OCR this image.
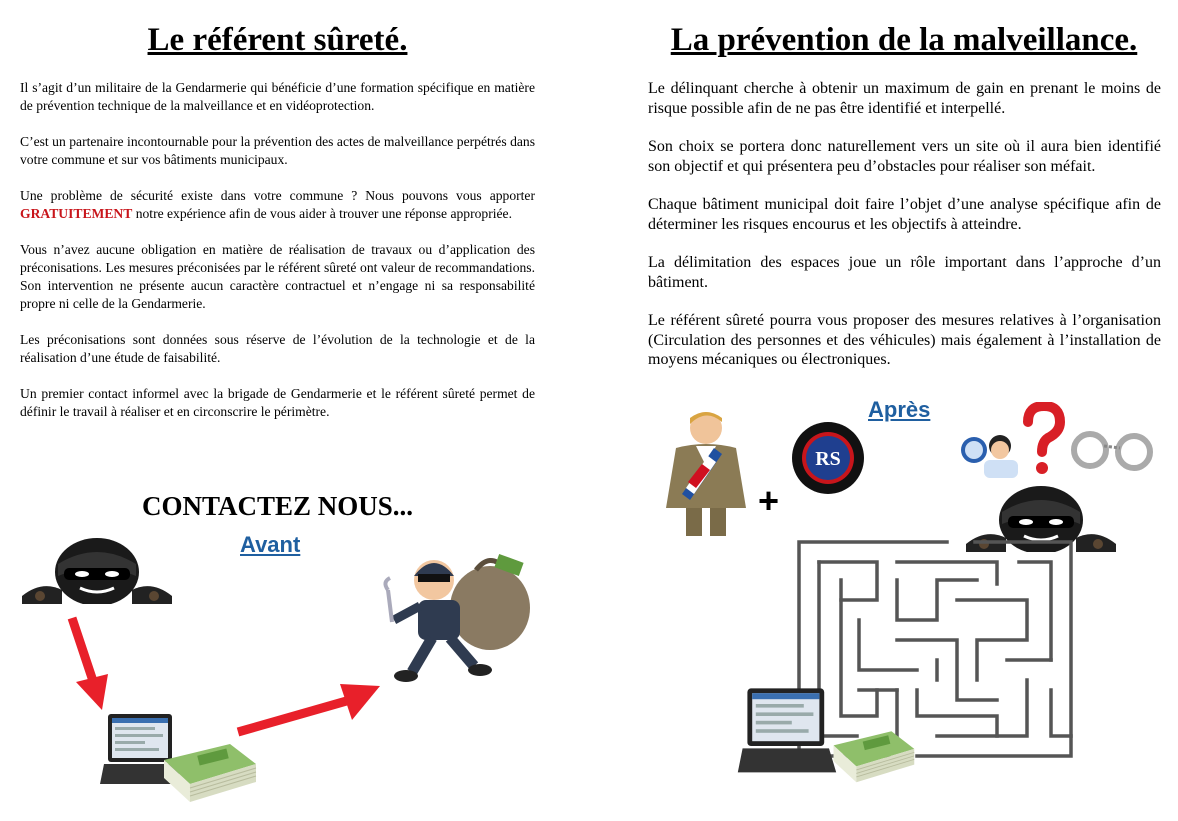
Le référent sûreté.

Il s’agit d’un militaire de la Gendarmerie qui bénéficie d’une formation spécifique en matière de prévention technique de la malveillance et en vidéoprotection.

C’est un partenaire incontournable pour la prévention des actes de malveillance perpétrés dans votre commune et sur vos bâtiments municipaux.

Une problème de sécurité existe dans votre commune ? Nous pouvons vous apporter GRATUITEMENT notre expérience afin de vous aider à trouver une réponse appropriée.

Vous n’avez aucune obligation en matière de réalisation de travaux ou d’application des préconisations. Les mesures préconisées par le référent sûreté ont valeur de recommandations. Son intervention ne présente aucun caractère contractuel et n’engage ni sa responsabilité propre ni celle de la Gendarmerie.

Les préconisations sont données sous réserve de l’évolution de la technologie et de la réalisation d’une étude de faisabilité.

Un premier contact informel avec la brigade de Gendarmerie et le référent sûreté permet de définir le travail à réaliser et en circonscrire le périmètre.

CONTACTEZ NOUS...
Avant
La prévention de la malveillance.

Le délinquant cherche à obtenir un maximum de gain en prenant le moins de risque possible afin de ne pas être identifié et interpellé.

Son choix se portera donc naturellement vers un site où il aura bien identifié son objectif et qui présentera peu d’obstacles pour réaliser son méfait.

Chaque bâtiment municipal doit faire l’objet d’une analyse spécifique afin de déterminer les risques encourus et les objectifs à atteindre.

La délimitation des espaces joue un rôle important dans l’approche d’un bâtiment.

Le référent sûreté pourra vous proposer des mesures relatives à l’organisation (Circulation des personnes et des véhicules) mais également à l’installation de moyens mécaniques ou électroniques.

Après
+
RS
